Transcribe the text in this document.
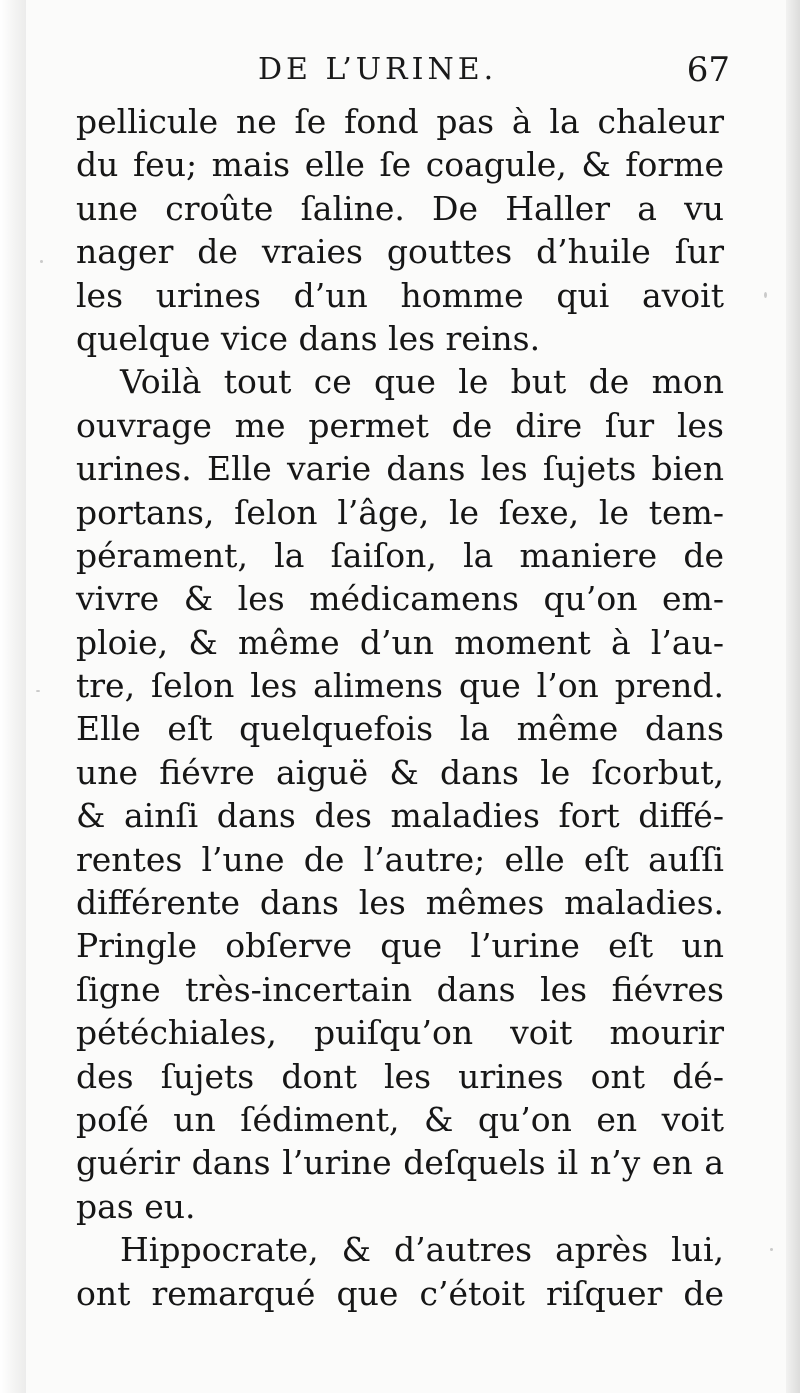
DE L’URINE.	67
pellicule ne ſe fond pas à la chaleur
du feu; mais elle ſe coagule, & forme
une croûte ſaline. De Haller a vu
nager de vraies gouttes d’huile ſur
les urines d’un homme qui avoit
quelque vice dans les reins.
Voilà tout ce que le but de mon
ouvrage me permet de dire ſur les
urines. Elle varie dans les ſujets bien
portans, ſelon l’âge, le ſexe, le tem-
pérament, la ſaiſon, la maniere de
vivre & les médicamens qu’on em-
ploie, & même d’un moment à l’au-
tre, ſelon les alimens que l’on prend.
Elle eſt quelquefois la même dans
une fiévre aiguë & dans le ſcorbut,
& ainſi dans des maladies fort diffé-
rentes l’une de l’autre; elle eſt auſſi
différente dans les mêmes maladies.
Pringle obſerve que l’urine eſt un
ſigne très-incertain dans les fiévres
pétéchiales, puiſqu’on voit mourir
des ſujets dont les urines ont dé-
poſé un ſédiment, & qu’on en voit
guérir dans l’urine deſquels il n’y en a
pas eu.
Hippocrate, & d’autres après lui,
ont remarqué que c’étoit riſquer de
